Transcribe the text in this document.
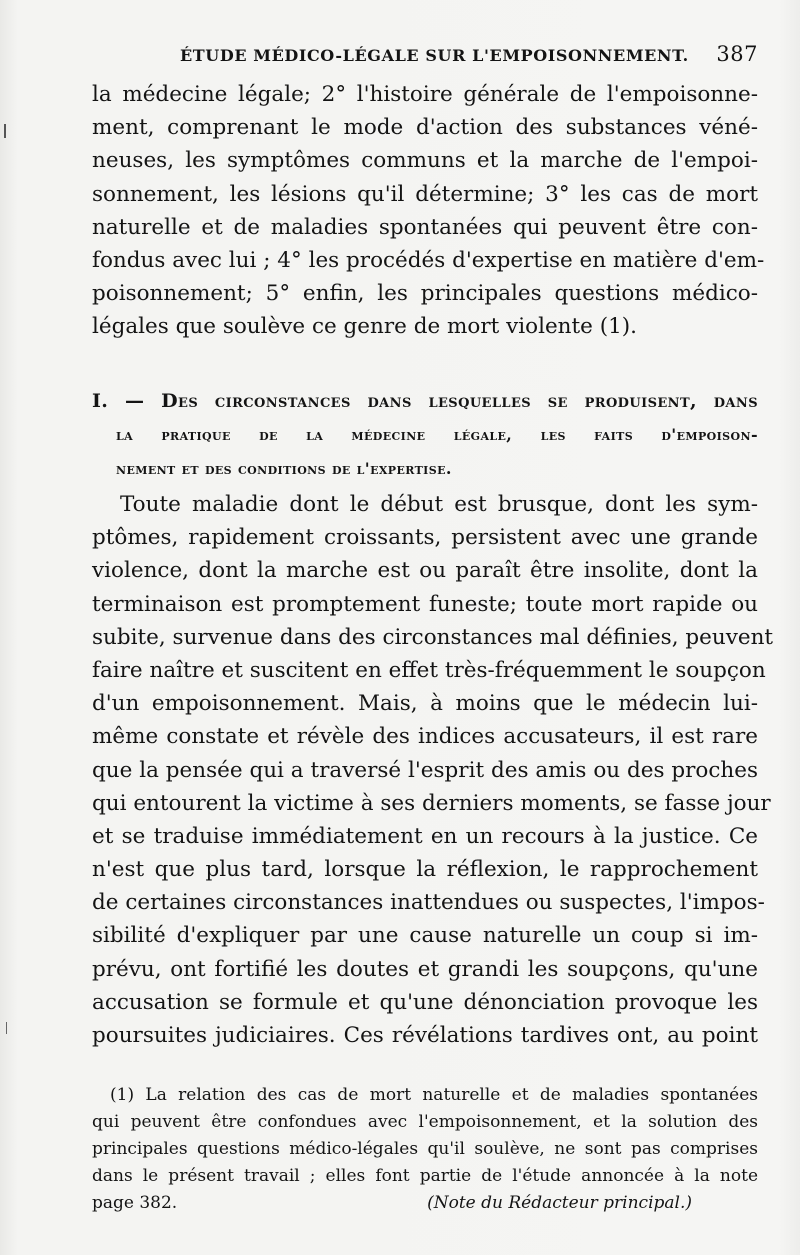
ÉTUDE MÉDICO-LÉGALE SUR L'EMPOISONNEMENT. 387
la médecine légale; 2° l'histoire générale de l'empoisonne-
ment, comprenant le mode d'action des substances véné-
neuses, les symptômes communs et la marche de l'empoi-
sonnement, les lésions qu'il détermine; 3° les cas de mort
naturelle et de maladies spontanées qui peuvent être con-
fondus avec lui ; 4° les procédés d'expertise en matière d'em-
poisonnement; 5° enfin, les principales questions médico-
légales que soulève ce genre de mort violente (1).
I. — Des circonstances dans lesquelles se produisent, dans
la pratique de la médecine légale, les faits d'empoison-
nement et des conditions de l'expertise.
Toute maladie dont le début est brusque, dont les sym-
ptômes, rapidement croissants, persistent avec une grande
violence, dont la marche est ou paraît être insolite, dont la
terminaison est promptement funeste; toute mort rapide ou
subite, survenue dans des circonstances mal définies, peuvent
faire naître et suscitent en effet très-fréquemment le soupçon
d'un empoisonnement. Mais, à moins que le médecin lui-
même constate et révèle des indices accusateurs, il est rare
que la pensée qui a traversé l'esprit des amis ou des proches
qui entourent la victime à ses derniers moments, se fasse jour
et se traduise immédiatement en un recours à la justice. Ce
n'est que plus tard, lorsque la réflexion, le rapprochement
de certaines circonstances inattendues ou suspectes, l'impos-
sibilité d'expliquer par une cause naturelle un coup si im-
prévu, ont fortifié les doutes et grandi les soupçons, qu'une
accusation se formule et qu'une dénonciation provoque les
poursuites judiciaires. Ces révélations tardives ont, au point
(1) La relation des cas de mort naturelle et de maladies spontanées
qui peuvent être confondues avec l'empoisonnement, et la solution des
principales questions médico-légales qu'il soulève, ne sont pas comprises
dans le présent travail ; elles font partie de l'étude annoncée à la note
page 382.	(Note du Rédacteur principal.)
